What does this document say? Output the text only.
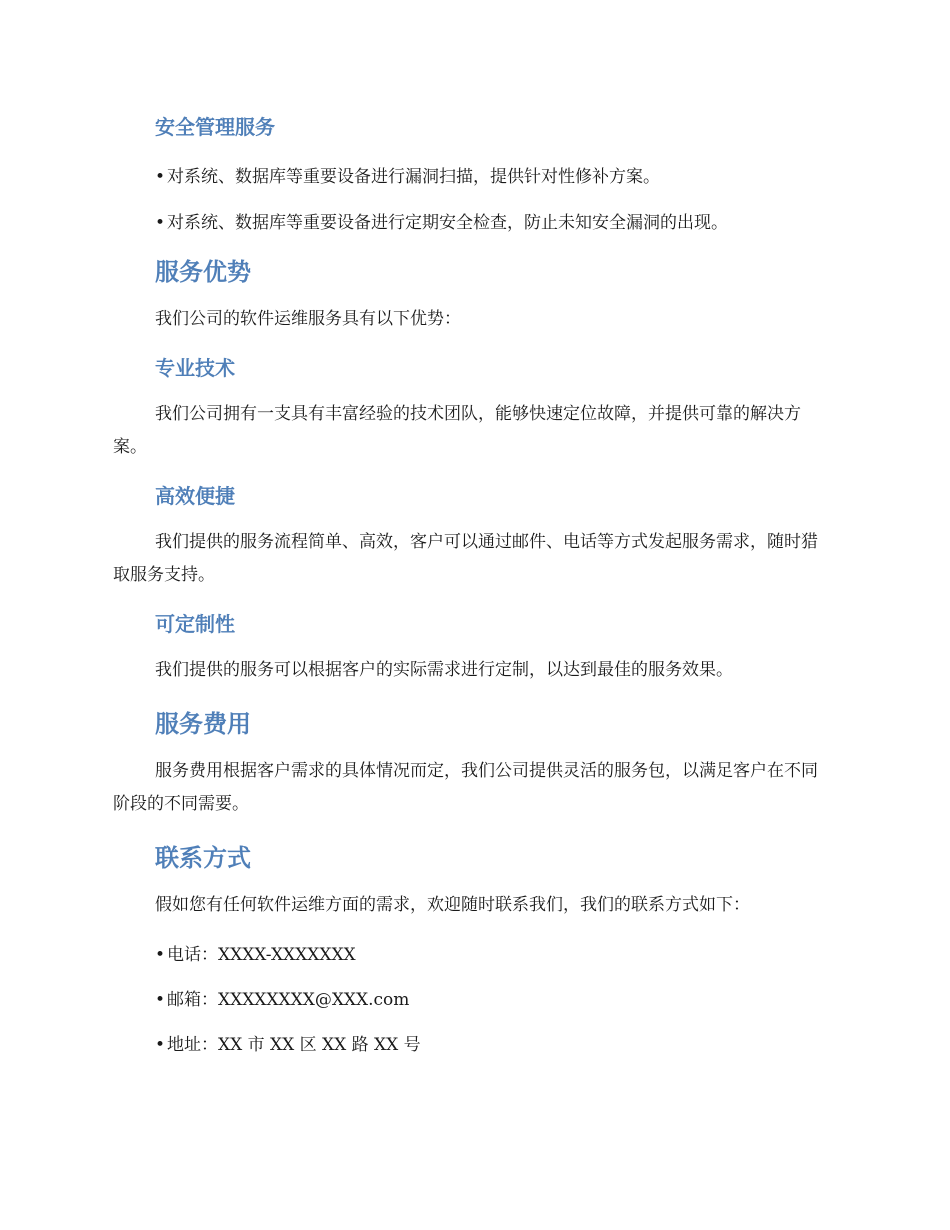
安全管理服务

• 对系统、数据库等重要设备进行漏洞扫描，提供针对性修补方案。

• 对系统、数据库等重要设备进行定期安全检查，防止未知安全漏洞的出现。

服务优势

我们公司的软件运维服务具有以下优势：

专业技术

我们公司拥有一支具有丰富经验的技术团队，能够快速定位故障，并提供可靠的解决方案。

高效便捷

我们提供的服务流程简单、高效，客户可以通过邮件、电话等方式发起服务需求，随时猎取服务支持。

可定制性

我们提供的服务可以根据客户的实际需求进行定制，以达到最佳的服务效果。

服务费用

服务费用根据客户需求的具体情况而定，我们公司提供灵活的服务包，以满足客户在不同阶段的不同需要。

联系方式

假如您有任何软件运维方面的需求，欢迎随时联系我们，我们的联系方式如下：

• 电话：XXXX-XXXXXXX

• 邮箱：XXXXXXXX@XXX.com

• 地址：XX 市 XX 区 XX 路 XX 号
